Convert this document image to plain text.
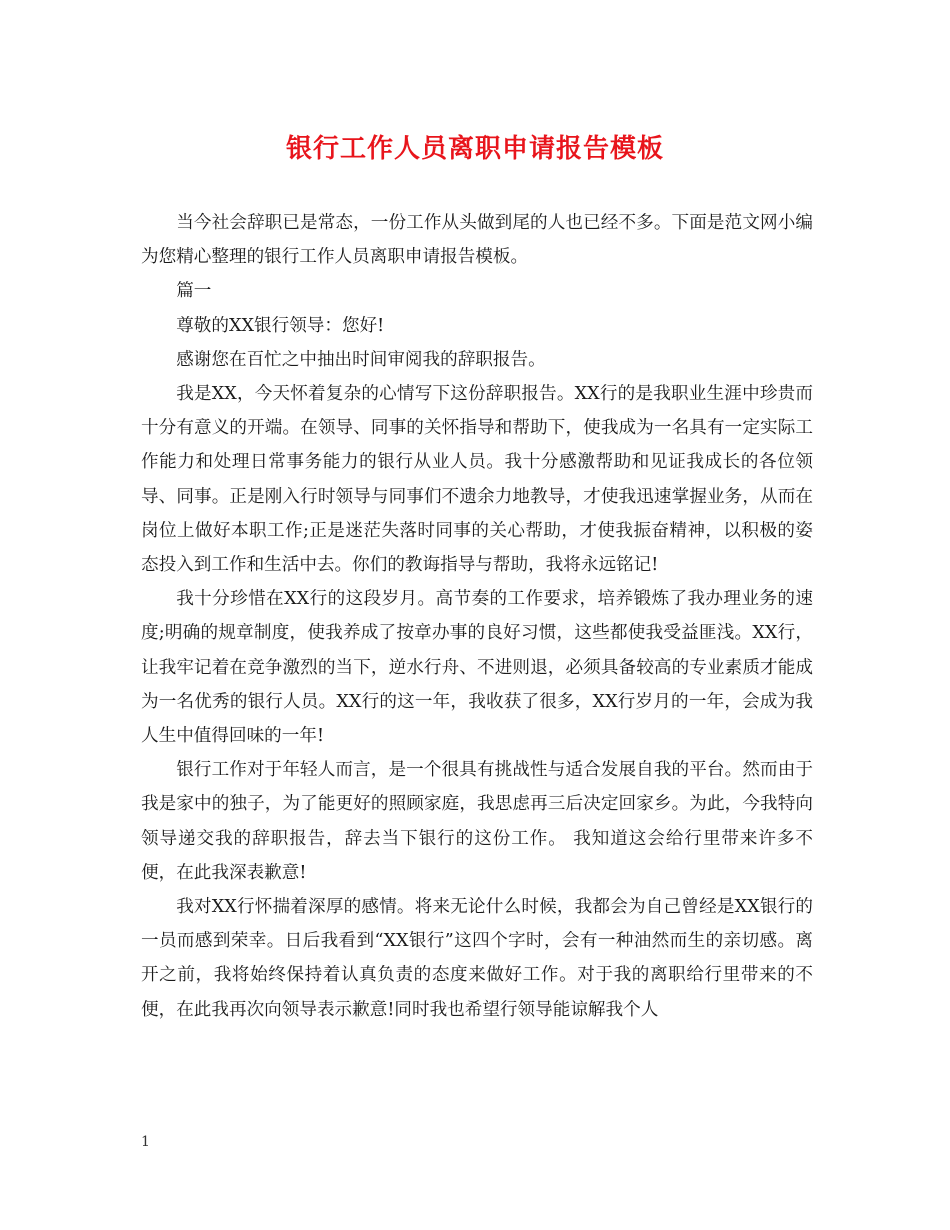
银行工作人员离职申请报告模板

当今社会辞职已是常态，一份工作从头做到尾的人也已经不多。下面是范文网小编为您精心整理的银行工作人员离职申请报告模板。

篇一

尊敬的XX银行领导：您好!

感谢您在百忙之中抽出时间审阅我的辞职报告。

我是XX，今天怀着复杂的心情写下这份辞职报告。XX行的是我职业生涯中珍贵而十分有意义的开端。在领导、同事的关怀指导和帮助下，使我成为一名具有一定实际工作能力和处理日常事务能力的银行从业人员。我十分感激帮助和见证我成长的各位领导、同事。正是刚入行时领导与同事们不遗余力地教导，才使我迅速掌握业务，从而在岗位上做好本职工作;正是迷茫失落时同事的关心帮助，才使我振奋精神，以积极的姿态投入到工作和生活中去。你们的教诲指导与帮助，我将永远铭记!

我十分珍惜在XX行的这段岁月。高节奏的工作要求，培养锻炼了我办理业务的速度;明确的规章制度，使我养成了按章办事的良好习惯，这些都使我受益匪浅。XX行，让我牢记着在竞争激烈的当下，逆水行舟、不进则退，必须具备较高的专业素质才能成为一名优秀的银行人员。XX行的这一年，我收获了很多，XX行岁月的一年，会成为我人生中值得回味的一年!

银行工作对于年轻人而言，是一个很具有挑战性与适合发展自我的平台。然而由于我是家中的独子，为了能更好的照顾家庭，我思虑再三后决定回家乡。为此，今我特向领导递交我的辞职报告，辞去当下银行的这份工作。 我知道这会给行里带来许多不便，在此我深表歉意!

我对XX行怀揣着深厚的感情。将来无论什么时候，我都会为自己曾经是XX银行的一员而感到荣幸。日后我看到“XX银行”这四个字时，会有一种油然而生的亲切感。离开之前，我将始终保持着认真负责的态度来做好工作。对于我的离职给行里带来的不便，在此我再次向领导表示歉意!同时我也希望行领导能谅解我个人

1
